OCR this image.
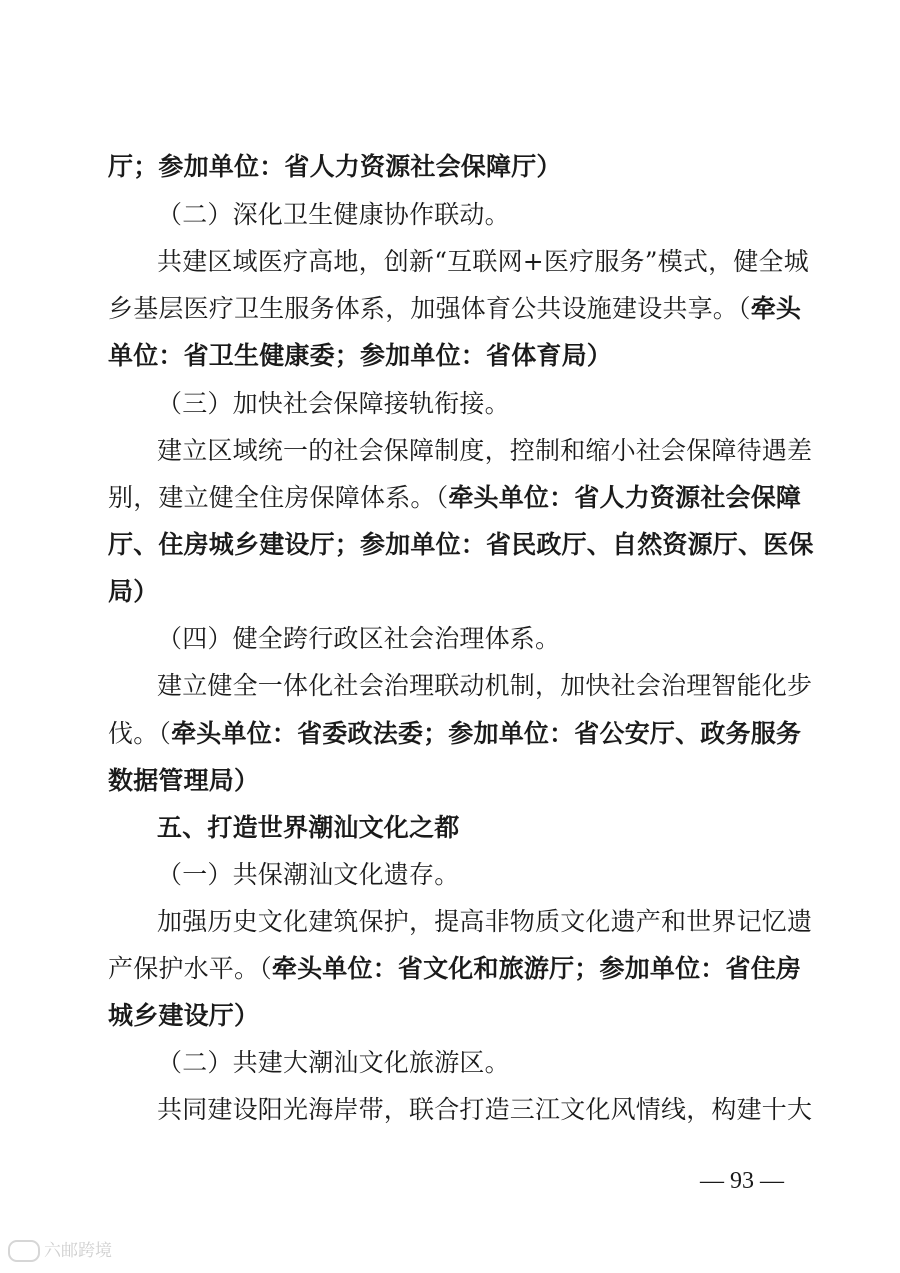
厅；参加单位：省人力资源社会保障厅）
（二）深化卫生健康协作联动。
共建区域医疗高地，创新“互联网+医疗服务”模式，健全城
乡基层医疗卫生服务体系，加强体育公共设施建设共享。（牵头
单位：省卫生健康委；参加单位：省体育局）
（三）加快社会保障接轨衔接。
建立区域统一的社会保障制度，控制和缩小社会保障待遇差
别，建立健全住房保障体系。（牵头单位：省人力资源社会保障
厅、住房城乡建设厅；参加单位：省民政厅、自然资源厅、医保
局）
（四）健全跨行政区社会治理体系。
建立健全一体化社会治理联动机制，加快社会治理智能化步
伐。（牵头单位：省委政法委；参加单位：省公安厅、政务服务
数据管理局）
五、打造世界潮汕文化之都
（一）共保潮汕文化遗存。
加强历史文化建筑保护，提高非物质文化遗产和世界记忆遗
产保护水平。（牵头单位：省文化和旅游厅；参加单位：省住房
城乡建设厅）
（二）共建大潮汕文化旅游区。
共同建设阳光海岸带，联合打造三江文化风情线，构建十大
— 93 —
六邮跨境
